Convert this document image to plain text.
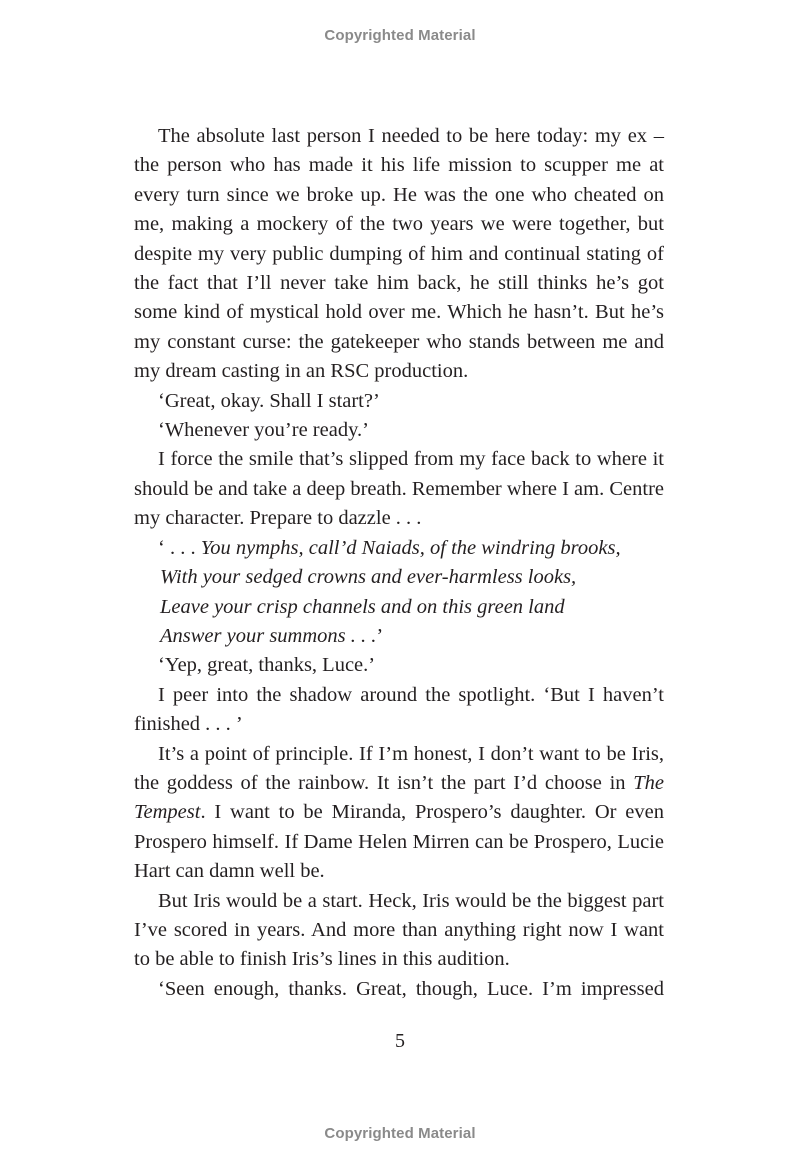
Copyrighted Material

The absolute last person I needed to be here today: my ex – the person who has made it his life mission to scupper me at every turn since we broke up. He was the one who cheated on me, making a mockery of the two years we were together, but despite my very public dumping of him and continual stating of the fact that I’ll never take him back, he still thinks he’s got some kind of mystical hold over me. Which he hasn’t. But he’s my constant curse: the gatekeeper who stands between me and my dream casting in an RSC production.

‘Great, okay. Shall I start?’

‘Whenever you’re ready.’

I force the smile that’s slipped from my face back to where it should be and take a deep breath. Remember where I am. Centre my character. Prepare to dazzle . . .

‘ . . . You nymphs, call’d Naiads, of the windring brooks,
With your sedged crowns and ever-harmless looks,
Leave your crisp channels and on this green land
Answer your summons . . .’

‘Yep, great, thanks, Luce.’

I peer into the shadow around the spotlight. ‘But I haven’t finished . . . ’

It’s a point of principle. If I’m honest, I don’t want to be Iris, the goddess of the rainbow. It isn’t the part I’d choose in The Tempest. I want to be Miranda, Prospero’s daughter. Or even Prospero himself. If Dame Helen Mirren can be Prospero, Lucie Hart can damn well be.

But Iris would be a start. Heck, Iris would be the biggest part I’ve scored in years. And more than anything right now I want to be able to finish Iris’s lines in this audition.

‘Seen enough, thanks. Great, though, Luce. I’m impressed

5
Copyrighted Material
